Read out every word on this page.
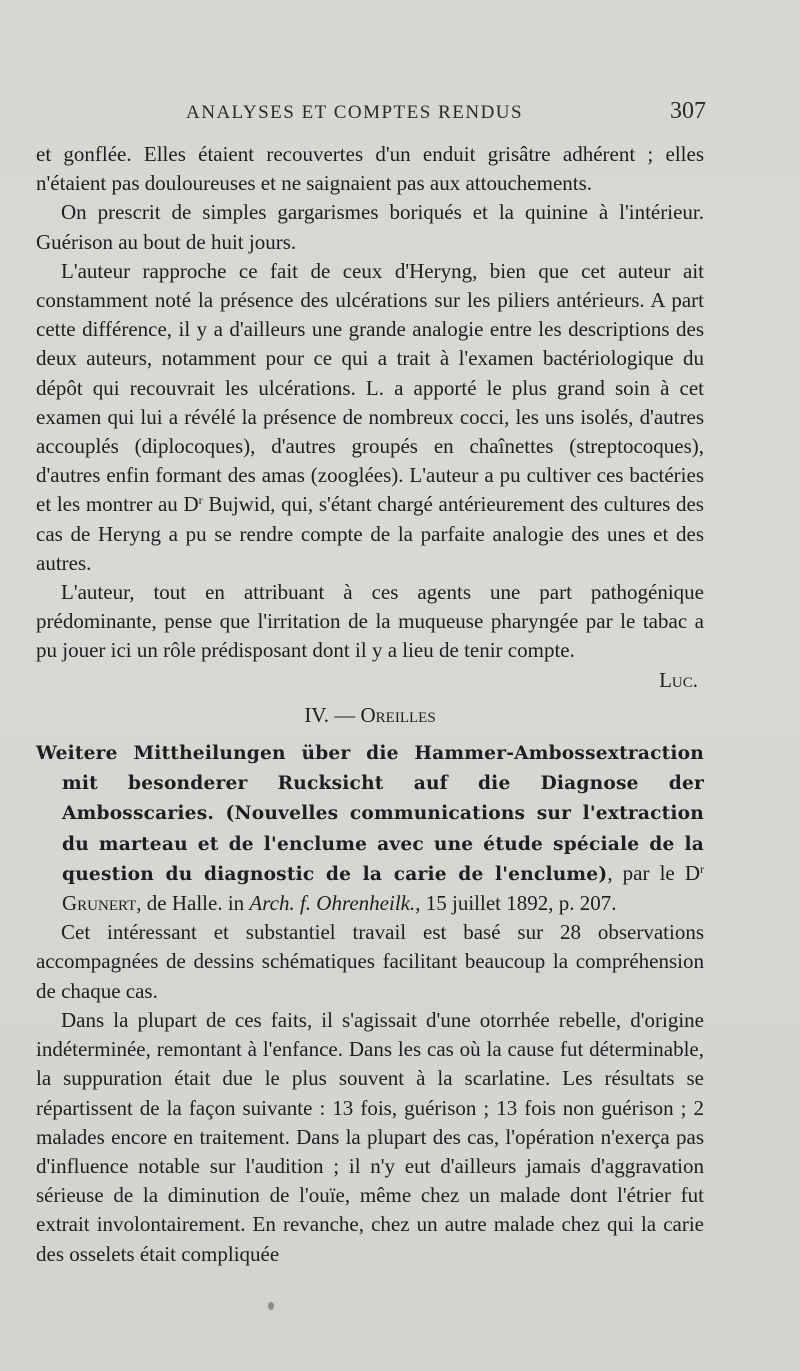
ANALYSES ET COMPTES RENDUS	307

et gonflée. Elles étaient recouvertes d'un enduit grisâtre adhérent ; elles n'étaient pas douloureuses et ne saignaient pas aux attouchements.

On prescrit de simples gargarismes boriqués et la quinine à l'intérieur. Guérison au bout de huit jours.

L'auteur rapproche ce fait de ceux d'Heryng, bien que cet auteur ait constamment noté la présence des ulcérations sur les piliers antérieurs. A part cette différence, il y a d'ailleurs une grande analogie entre les descriptions des deux auteurs, notamment pour ce qui a trait à l'examen bactériologique du dépôt qui recouvrait les ulcérations. L. a apporté le plus grand soin à cet examen qui lui a révélé la présence de nombreux cocci, les uns isolés, d'autres accouplés (diplocoques), d'autres groupés en chaînettes (streptocoques), d'autres enfin formant des amas (zooglées). L'auteur a pu cultiver ces bactéries et les montrer au $D^r$ Bujwid, qui, s'étant chargé antérieurement des cultures des cas de Heryng a pu se rendre compte de la parfaite analogie des unes et des autres.

L'auteur, tout en attribuant à ces agents une part pathogénique prédominante, pense que l'irritation de la muqueuse pharyngée par le tabac a pu jouer ici un rôle prédisposant dont il y a lieu de tenir compte.

Luc.

IV. — Oreilles

Weitere Mittheilungen über die Hammer-Ambossextraction mit besonderer Rucksicht auf die Diagnose der Ambosscaries. (Nouvelles communications sur l'extraction du marteau et de l'enclume avec une étude spéciale de la question du diagnostic de la carie de l'enclume), par le $D^r$ Grunert, de Halle. in Arch. f. Ohrenheilk., 15 juillet 1892, p. 207.

Cet intéressant et substantiel travail est basé sur 28 observations accompagnées de dessins schématiques facilitant beaucoup la compréhension de chaque cas.

Dans la plupart de ces faits, il s'agissait d'une otorrhée rebelle, d'origine indéterminée, remontant à l'enfance. Dans les cas où la cause fut déterminable, la suppuration était due le plus souvent à la scarlatine. Les résultats se répartissent de la façon suivante : 13 fois, guérison ; 13 fois non guérison ; 2 malades encore en traitement. Dans la plupart des cas, l'opération n'exerça pas d'influence notable sur l'audition ; il n'y eut d'ailleurs jamais d'aggravation sérieuse de la diminution de l'ouïe, même chez un malade dont l'étrier fut extrait involontairement. En revanche, chez un autre malade chez qui la carie des osselets était compliquée
